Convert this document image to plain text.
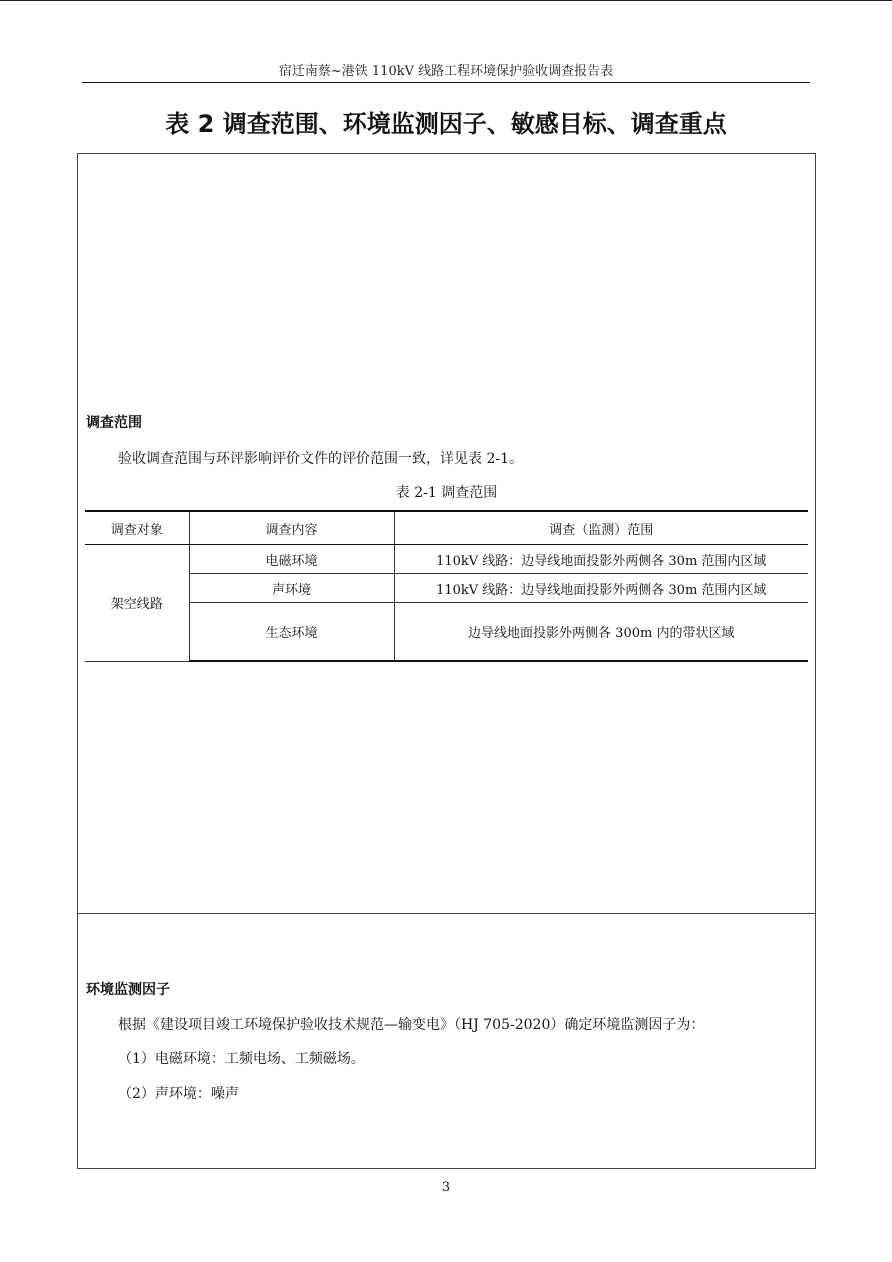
宿迁南蔡~港铁 110kV 线路工程环境保护验收调查报告表
表 2 调查范围、环境监测因子、敏感目标、调查重点
调查范围
验收调查范围与环评影响评价文件的评价范围一致，详见表 2-1。
表 2-1 调查范围
调查对象	调查内容	调查（监测）范围
架空线路	电磁环境	110kV 线路：边导线地面投影外两侧各 30m 范围内区域
	声环境	110kV 线路：边导线地面投影外两侧各 30m 范围内区域
	生态环境	边导线地面投影外两侧各 300m 内的带状区域
环境监测因子
根据《建设项目竣工环境保护验收技术规范—输变电》（HJ 705-2020）确定环境监测因子为：
（1）电磁环境：工频电场、工频磁场。
（2）声环境：噪声
3
